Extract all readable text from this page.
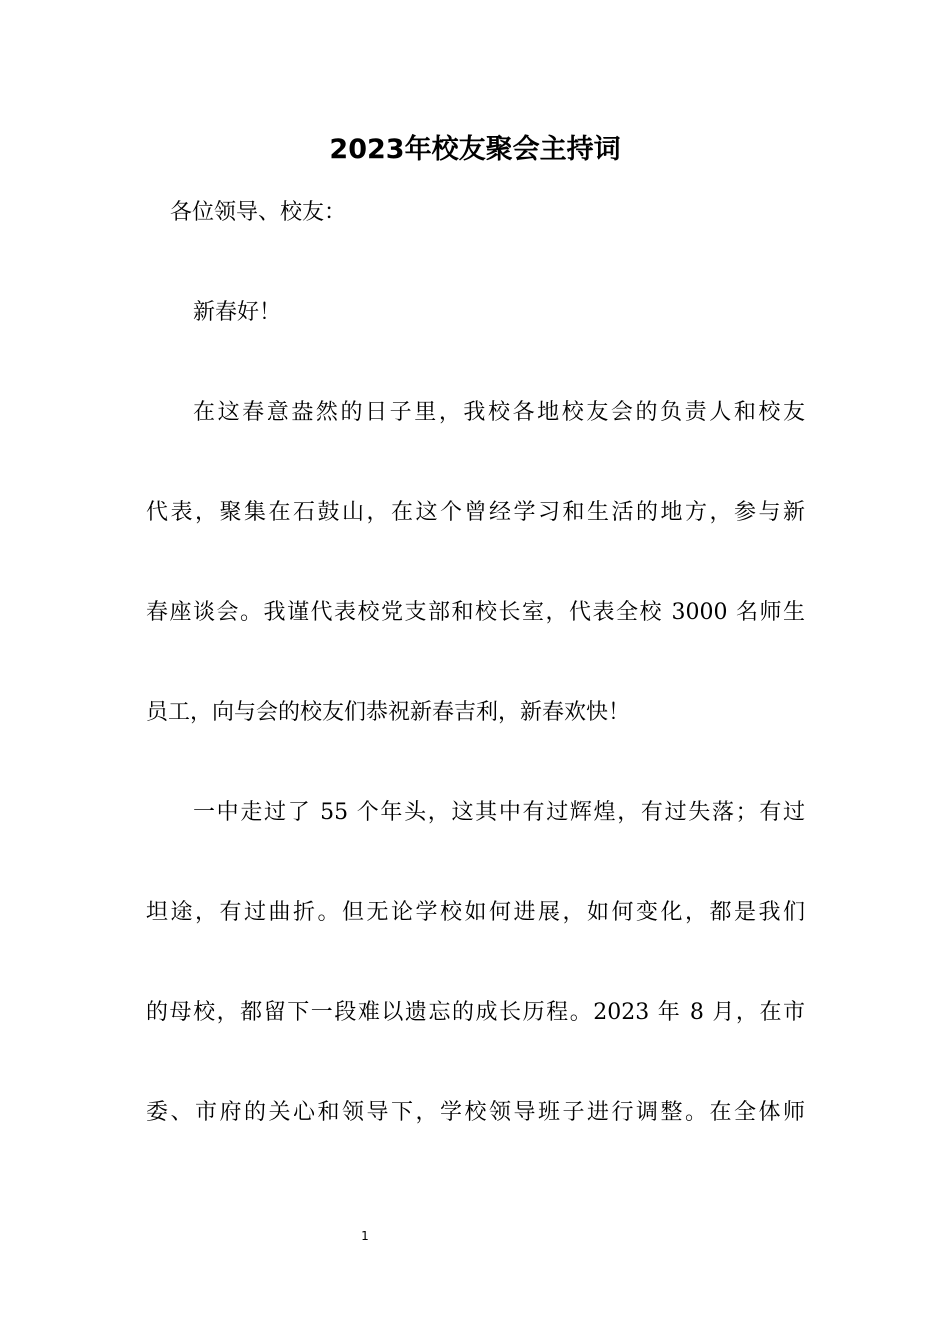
2023年校友聚会主持词
各位领导、校友：
新春好！
在这春意盎然的日子里，我校各地校友会的负责人和校友
代表，聚集在石鼓山，在这个曾经学习和生活的地方，参与新
春座谈会。我谨代表校党支部和校长室，代表全校 3000 名师生
员工，向与会的校友们恭祝新春吉利，新春欢快！
一中走过了 55 个年头，这其中有过辉煌，有过失落；有过
坦途，有过曲折。但无论学校如何进展，如何变化，都是我们
的母校，都留下一段难以遗忘的成长历程。2023 年 8 月，在市
委、市府的关心和领导下，学校领导班子进行调整。在全体师
1
